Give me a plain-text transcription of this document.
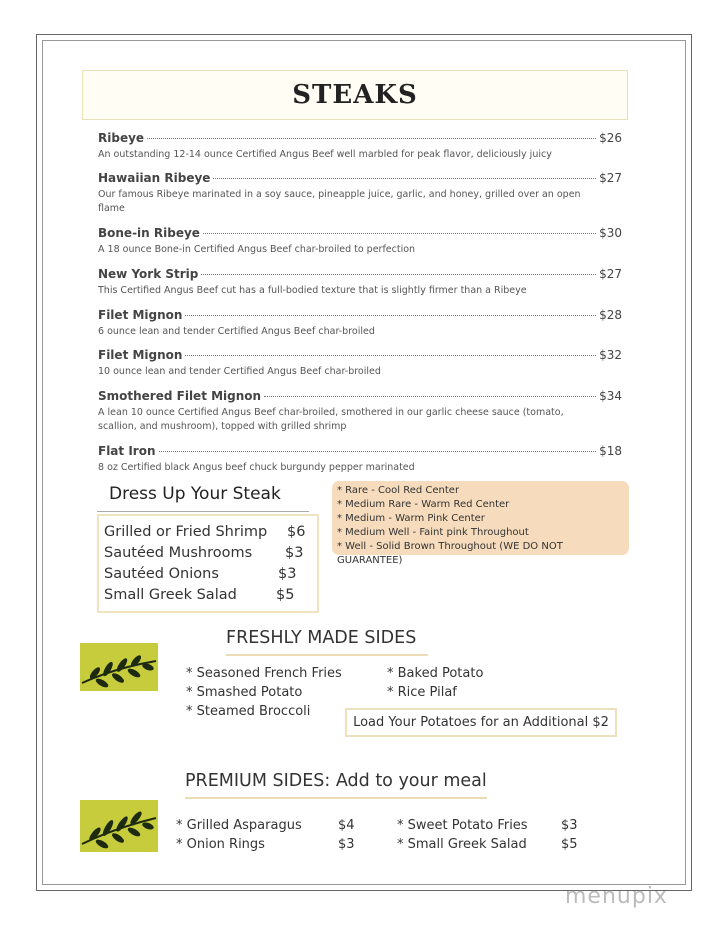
STEAKS
Ribeye	$26
An outstanding 12-14 ounce Certified Angus Beef well marbled for peak flavor, deliciously juicy
Hawaiian Ribeye	$27
Our famous Ribeye marinated in a soy sauce, pineapple juice, garlic, and honey, grilled over an open flame
Bone-in Ribeye	$30
A 18 ounce Bone-in Certified Angus Beef char-broiled to perfection
New York Strip	$27
This Certified Angus Beef cut has a full-bodied texture that is slightly firmer than a Ribeye
Filet Mignon	$28
6 ounce lean and tender Certified Angus Beef char-broiled
Filet Mignon	$32
10 ounce lean and tender Certified Angus Beef char-broiled
Smothered Filet Mignon	$34
A lean 10 ounce Certified Angus Beef char-broiled, smothered in our garlic cheese sauce (tomato, scallion, and mushroom), topped with grilled shrimp
Flat Iron	$18
8 oz Certified black Angus beef chuck burgundy pepper marinated
Dress Up Your Steak
Grilled or Fried Shrimp $6
Sautéed Mushrooms $3
Sautéed Onions	$3
Small Greek Salad	$5
* Rare - Cool Red Center
* Medium Rare - Warm Red Center
* Medium - Warm Pink Center
* Medium Well - Faint pink Throughout
* Well - Solid Brown Throughout (WE DO NOT GUARANTEE)
FRESHLY MADE SIDES
* Seasoned French Fries
* Smashed Potato
* Steamed Broccoli
* Baked Potato
* Rice Pilaf
Load Your Potatoes for an Additional $2
PREMIUM SIDES: Add to your meal
* Grilled Asparagus	$4
* Onion Rings	$3
* Sweet Potato Fries	$3
* Small Greek Salad	$5
menupix
